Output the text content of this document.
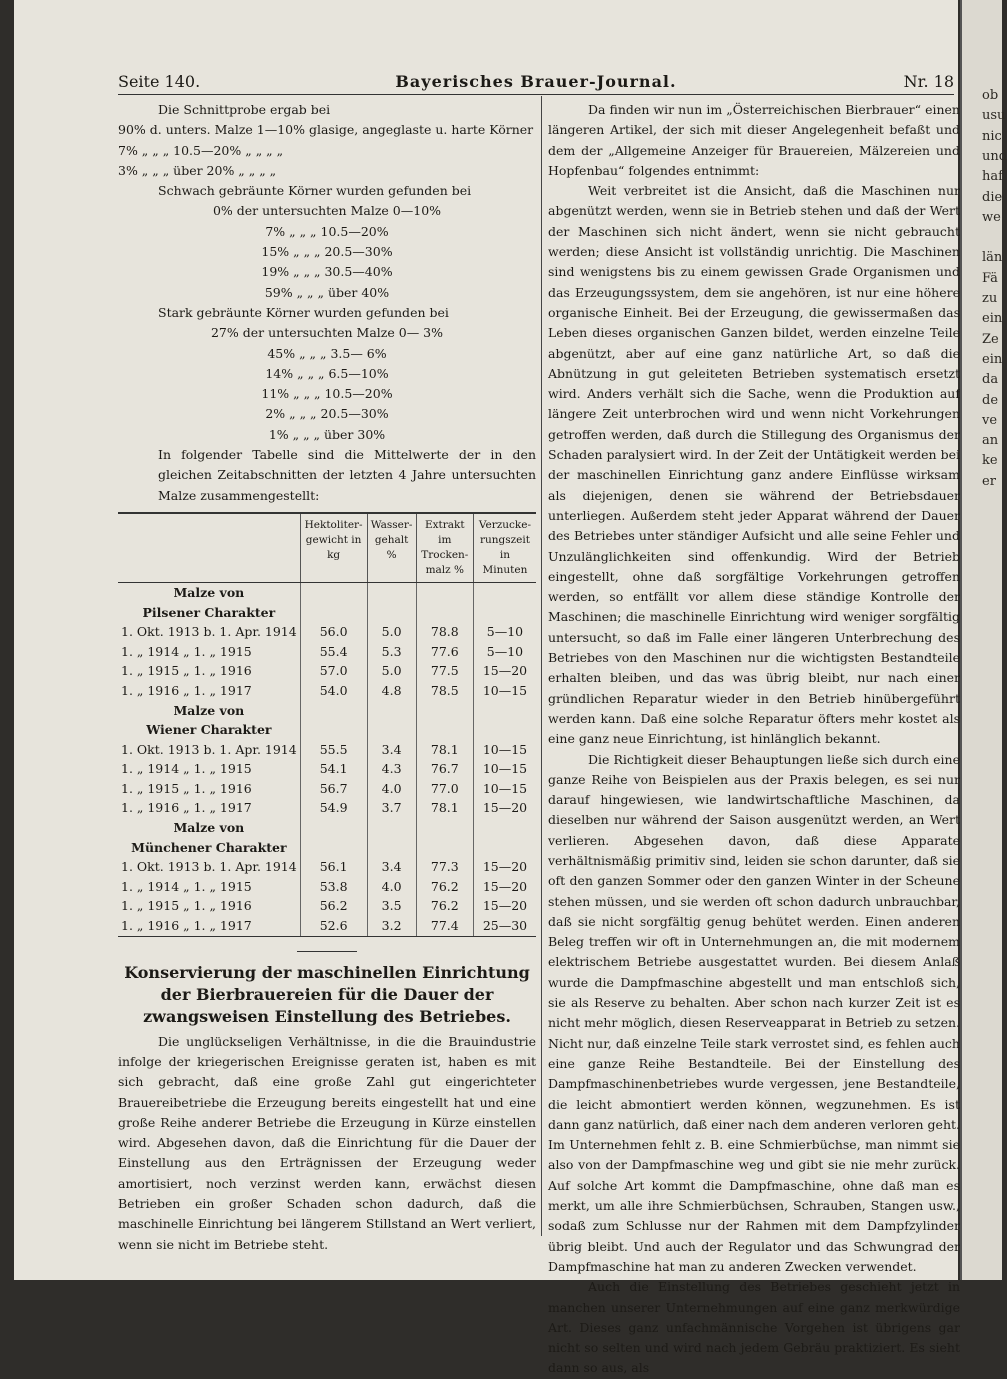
Bayerisches Brauer-Journal.
Seite 140.	Nr. 18
Die Schnittprobe ergab bei
90% d. unters. Malze 1—10% glasige, angeglaste u. harte Körner
7% „ „ „ 10.5—20% „ „ „ „
3% „ „ „ über 20% „ „ „ „
Schwach gebräunte Körner wurden gefunden bei
0% der untersuchten Malze 0—10%
7% „ „ „ 10.5—20%
15% „ „ „ 20.5—30%
19% „ „ „ 30.5—40%
59% „ „ „ über 40%
Stark gebräunte Körner wurden gefunden bei
27% der untersuchten Malze 0— 3%
45% „ „ „ 3.5— 6%
14% „ „ „ 6.5—10%
11% „ „ „ 10.5—20%
2% „ „ „ 20.5—30%
1% „ „ „ über 30%
In folgender Tabelle sind die Mittelwerte der in den gleichen Zeitabschnitten der letzten 4 Jahre untersuchten Malze zusammengestellt:
	Hektoliter-gewicht in kg	Wasser-gehalt %	Extrakt im Trocken-malz %	Verzucke-rungszeit in Minuten
Malze von				
Pilsener Charakter				
1. Okt. 1913 b. 1. Apr. 1914	56.0	5.0	78.8	5—10
1. „ 1914 „ 1. „ 1915	55.4	5.3	77.6	5—10
1. „ 1915 „ 1. „ 1916	57.0	5.0	77.5	15—20
1. „ 1916 „ 1. „ 1917	54.0	4.8	78.5	10—15
Malze von				
Wiener Charakter				
1. Okt. 1913 b. 1. Apr. 1914	55.5	3.4	78.1	10—15
1. „ 1914 „ 1. „ 1915	54.1	4.3	76.7	10—15
1. „ 1915 „ 1. „ 1916	56.7	4.0	77.0	10—15
1. „ 1916 „ 1. „ 1917	54.9	3.7	78.1	15—20
Malze von				
Münchener Charakter				
1. Okt. 1913 b. 1. Apr. 1914	56.1	3.4	77.3	15—20
1. „ 1914 „ 1. „ 1915	53.8	4.0	76.2	15—20
1. „ 1915 „ 1. „ 1916	56.2	3.5	76.2	15—20
1. „ 1916 „ 1. „ 1917	52.6	3.2	77.4	25—30
Konservierung der maschinellen Einrichtung der Bierbrauereien für die Dauer der zwangsweisen Einstellung des Betriebes.

Die unglückseligen Verhältnisse, in die die Brauindustrie infolge der kriegerischen Ereignisse geraten ist, haben es mit sich gebracht, daß eine große Zahl gut eingerichteter Brauereibetriebe die Erzeugung bereits eingestellt hat und eine große Reihe anderer Betriebe die Erzeugung in Kürze einstellen wird. Abgesehen davon, daß die Einrichtung für die Dauer der Einstellung aus den Erträgnissen der Erzeugung weder amortisiert, noch verzinst werden kann, erwächst diesen Betrieben ein großer Schaden schon dadurch, daß die maschinelle Einrichtung bei längerem Stillstand an Wert verliert, wenn sie nicht im Betriebe steht.

Da finden wir nun im „Österreichischen Bierbrauer“ einen längeren Artikel, der sich mit dieser Angelegenheit befaßt und dem der „Allgemeine Anzeiger für Brauereien, Mälzereien und Hopfenbau“ folgendes entnimmt:

Weit verbreitet ist die Ansicht, daß die Maschinen nur abgenützt werden, wenn sie in Betrieb stehen und daß der Wert der Maschinen sich nicht ändert, wenn sie nicht gebraucht werden; diese Ansicht ist vollständig unrichtig. Die Maschinen sind wenigstens bis zu einem gewissen Grade Organismen und das Erzeugungssystem, dem sie angehören, ist nur eine höhere organische Einheit. Bei der Erzeugung, die gewissermaßen das Leben dieses organischen Ganzen bildet, werden einzelne Teile abgenützt, aber auf eine ganz natürliche Art, so daß die Abnützung in gut geleiteten Betrieben systematisch ersetzt wird. Anders verhält sich die Sache, wenn die Produktion auf längere Zeit unterbrochen wird und wenn nicht Vorkehrungen getroffen werden, daß durch die Stillegung des Organismus der Schaden paralysiert wird. In der Zeit der Untätigkeit werden bei der maschinellen Einrichtung ganz andere Einflüsse wirksam als diejenigen, denen sie während der Betriebsdauer unterliegen. Außerdem steht jeder Apparat während der Dauer des Betriebes unter ständiger Aufsicht und alle seine Fehler und Unzulänglichkeiten sind offenkundig. Wird der Betrieb eingestellt, ohne daß sorgfältige Vorkehrungen getroffen werden, so entfällt vor allem diese ständige Kontrolle der Maschinen; die maschinelle Einrichtung wird weniger sorgfältig untersucht, so daß im Falle einer längeren Unterbrechung des Betriebes von den Maschinen nur die wichtigsten Bestandteile erhalten bleiben, und das was übrig bleibt, nur nach einer gründlichen Reparatur wieder in den Betrieb hinübergeführt werden kann. Daß eine solche Reparatur öfters mehr kostet als eine ganz neue Einrichtung, ist hinlänglich bekannt.

Die Richtigkeit dieser Behauptungen ließe sich durch eine ganze Reihe von Beispielen aus der Praxis belegen, es sei nur darauf hingewiesen, wie landwirtschaftliche Maschinen, da dieselben nur während der Saison ausgenützt werden, an Wert verlieren. Abgesehen davon, daß diese Apparate verhältnismäßig primitiv sind, leiden sie schon darunter, daß sie oft den ganzen Sommer oder den ganzen Winter in der Scheune stehen müssen, und sie werden oft schon dadurch unbrauchbar, daß sie nicht sorgfältig genug behütet werden. Einen anderen Beleg treffen wir oft in Unternehmungen an, die mit modernem elektrischem Betriebe ausgestattet wurden. Bei diesem Anlaß wurde die Dampfmaschine abgestellt und man entschloß sich, sie als Reserve zu behalten. Aber schon nach kurzer Zeit ist es nicht mehr möglich, diesen Reserveapparat in Betrieb zu setzen. Nicht nur, daß einzelne Teile stark verrostet sind, es fehlen auch eine ganze Reihe Bestandteile. Bei der Einstellung des Dampfmaschinenbetriebes wurde vergessen, jene Bestandteile, die leicht abmontiert werden können, wegzunehmen. Es ist dann ganz natürlich, daß einer nach dem anderen verloren geht. Im Unternehmen fehlt z. B. eine Schmierbüchse, man nimmt sie also von der Dampfmaschine weg und gibt sie nie mehr zurück. Auf solche Art kommt die Dampfmaschine, ohne daß man es merkt, um alle ihre Schmierbüchsen, Schrauben, Stangen usw., sodaß zum Schlusse nur der Rahmen mit dem Dampfzylinder übrig bleibt. Und auch der Regulator und das Schwungrad der Dampfmaschine hat man zu anderen Zwecken verwendet.

Auch die Einstellung des Betriebes geschieht jetzt in manchen unserer Unternehmungen auf eine ganz merkwürdige Art. Dieses ganz unfachmännische Vorgehen ist übrigens gar nicht so selten und wird nach jedem Gebräu praktiziert. Es sieht dann so aus, als

ob
usu
nic
und
haf
die
we
län
Fä
zu
ein
Ze
ein
da
de
ve
an
ke
er
